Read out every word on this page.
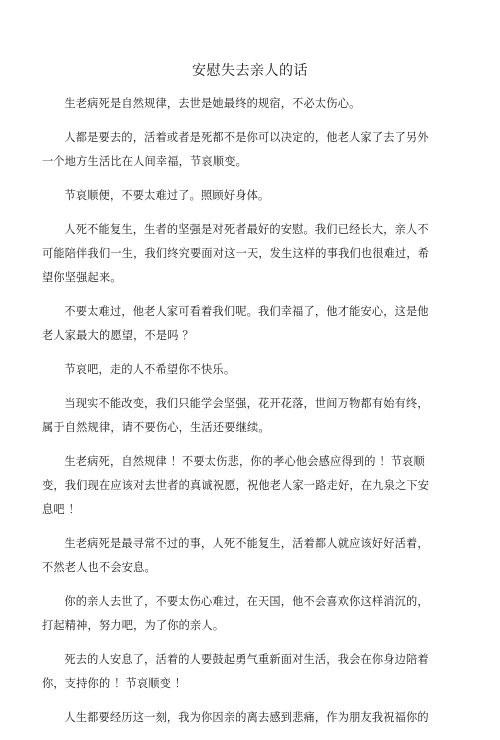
安慰失去亲人的话

生老病死是自然规律，去世是她最终的规宿，不必太伤心。

人都是要去的，活着或者是死都不是你可以决定的，他老人家了去了另外一个地方生活比在人间幸福，节哀顺变。

节哀顺便，不要太难过了。照顾好身体。

人死不能复生，生者的坚强是对死者最好的安慰。我们已经长大，亲人不可能陪伴我们一生，我们终究要面对这一天，发生这样的事我们也很难过，希望你坚强起来。

不要太难过，他老人家可看着我们呢。我们幸福了，他才能安心，这是他老人家最大的愿望，不是吗 ？

节哀吧，走的人不希望你不快乐。

当现实不能改变，我们只能学会坚强，花开花落，世间万物都有始有终，属于自然规律，请不要伤心，生活还要继续。

生老病死，自然规律 ！不要太伤悲，你的孝心他会感应得到的 ！节哀顺变，我们现在应该对去世者的真诚祝愿，祝他老人家一路走好，在九泉之下安息吧 ！

生老病死是最寻常不过的事，人死不能复生，活着都人就应该好好活着，不然老人也不会安息。

你的亲人去世了，不要太伤心难过，在天国，他不会喜欢你这样消沉的，打起精神，努力吧，为了你的亲人。

死去的人安息了，活着的人要鼓起勇气重新面对生活，我会在你身边陪着你，支持你的 ！节哀顺变 ！

人生都要经历这一刻，我为你因亲的离去感到悲痛，作为朋友我祝福你的
